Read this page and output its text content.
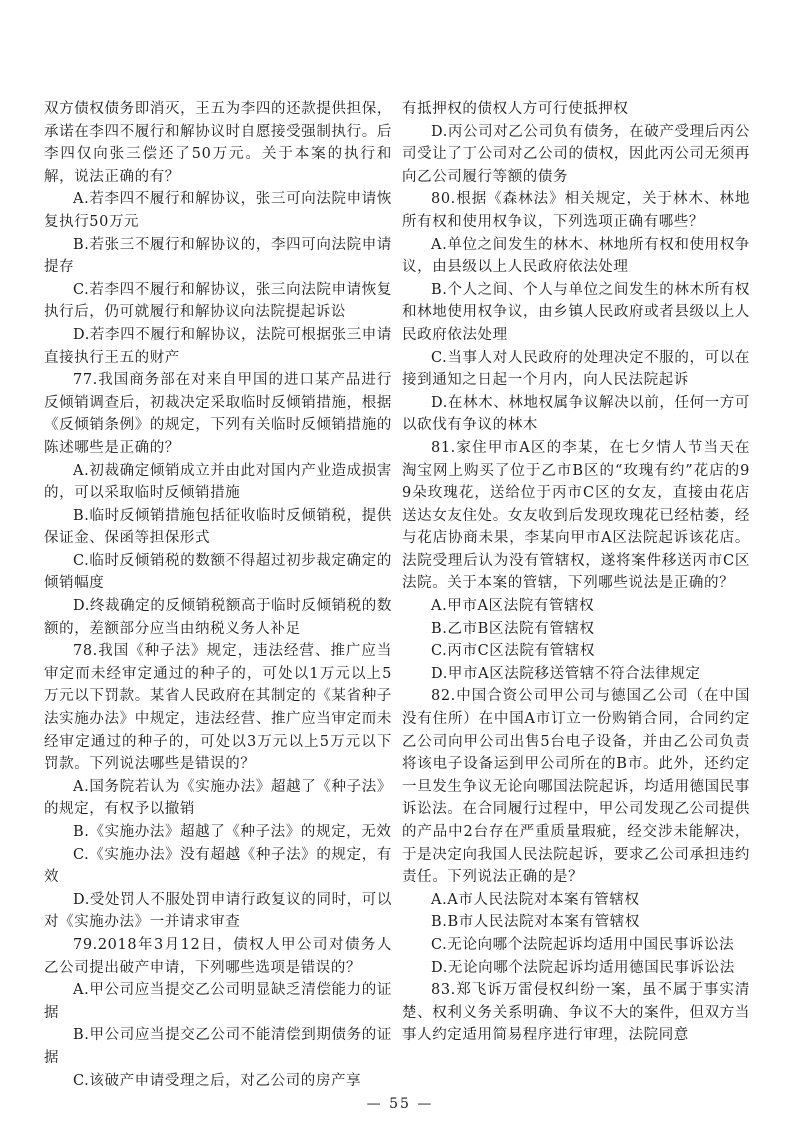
双方债权债务即消灭，王五为李四的还款提供担保，承诺在李四不履行和解协议时自愿接受强制执行。后李四仅向张三偿还了50万元。关于本案的执行和解，说法正确的有？

A.若李四不履行和解协议，张三可向法院申请恢复执行50万元

B.若张三不履行和解协议的，李四可向法院申请提存

C.若李四不履行和解协议，张三向法院申请恢复执行后，仍可就履行和解协议向法院提起诉讼

D.若李四不履行和解协议，法院可根据张三申请直接执行王五的财产

77.我国商务部在对来自甲国的进口某产品进行反倾销调查后，初裁决定采取临时反倾销措施，根据《反倾销条例》的规定，下列有关临时反倾销措施的陈述哪些是正确的？

A.初裁确定倾销成立并由此对国内产业造成损害的，可以采取临时反倾销措施

B.临时反倾销措施包括征收临时反倾销税，提供保证金、保函等担保形式

C.临时反倾销税的数额不得超过初步裁定确定的倾销幅度

D.终裁确定的反倾销税额高于临时反倾销税的数额的，差额部分应当由纳税义务人补足

78.我国《种子法》规定，违法经营、推广应当审定而未经审定通过的种子的，可处以1万元以上5万元以下罚款。某省人民政府在其制定的《某省种子法实施办法》中规定，违法经营、推广应当审定而未经审定通过的种子的，可处以3万元以上5万元以下罚款。下列说法哪些是错误的？

A.国务院若认为《实施办法》超越了《种子法》的规定，有权予以撤销

B.《实施办法》超越了《种子法》的规定，无效

C.《实施办法》没有超越《种子法》的规定，有效

D.受处罚人不服处罚申请行政复议的同时，可以对《实施办法》一并请求审查

79.2018年3月12日，债权人甲公司对债务人乙公司提出破产申请，下列哪些选项是错误的？

A.甲公司应当提交乙公司明显缺乏清偿能力的证据

B.甲公司应当提交乙公司不能清偿到期债务的证据

C.该破产申请受理之后，对乙公司的房产享

有抵押权的债权人方可行使抵押权

D.丙公司对乙公司负有债务，在破产受理后丙公司受让了丁公司对乙公司的债权，因此丙公司无须再向乙公司履行等额的债务

80.根据《森林法》相关规定，关于林木、林地所有权和使用权争议，下列选项正确有哪些？

A.单位之间发生的林木、林地所有权和使用权争议，由县级以上人民政府依法处理

B.个人之间、个人与单位之间发生的林木所有权和林地使用权争议，由乡镇人民政府或者县级以上人民政府依法处理

C.当事人对人民政府的处理决定不服的，可以在接到通知之日起一个月内，向人民法院起诉

D.在林木、林地权属争议解决以前，任何一方可以砍伐有争议的林木

81.家住甲市A区的李某，在七夕情人节当天在淘宝网上购买了位于乙市B区的“玫瑰有约”花店的99朵玫瑰花，送给位于丙市C区的女友，直接由花店送达女友住处。女友收到后发现玫瑰花已经枯萎，经与花店协商未果，李某向甲市A区法院起诉该花店。法院受理后认为没有管辖权，遂将案件移送丙市C区法院。关于本案的管辖，下列哪些说法是正确的？

A.甲市A区法院有管辖权

B.乙市B区法院有管辖权

C.丙市C区法院有管辖权

D.甲市A区法院移送管辖不符合法律规定

82.中国合资公司甲公司与德国乙公司（在中国没有住所）在中国A市订立一份购销合同，合同约定乙公司向甲公司出售5台电子设备，并由乙公司负责将该电子设备运到甲公司所在的B市。此外，还约定一旦发生争议无论向哪国法院起诉，均适用德国民事诉讼法。在合同履行过程中，甲公司发现乙公司提供的产品中2台存在严重质量瑕疵，经交涉未能解决，于是决定向我国人民法院起诉，要求乙公司承担违约责任。下列说法正确的是？

A.A市人民法院对本案有管辖权

B.B市人民法院对本案有管辖权

C.无论向哪个法院起诉均适用中国民事诉讼法

D.无论向哪个法院起诉均适用德国民事诉讼法

83.郑飞诉万雷侵权纠纷一案，虽不属于事实清楚、权利义务关系明确、争议不大的案件，但双方当事人约定适用简易程序进行审理，法院同意

— 55 —
